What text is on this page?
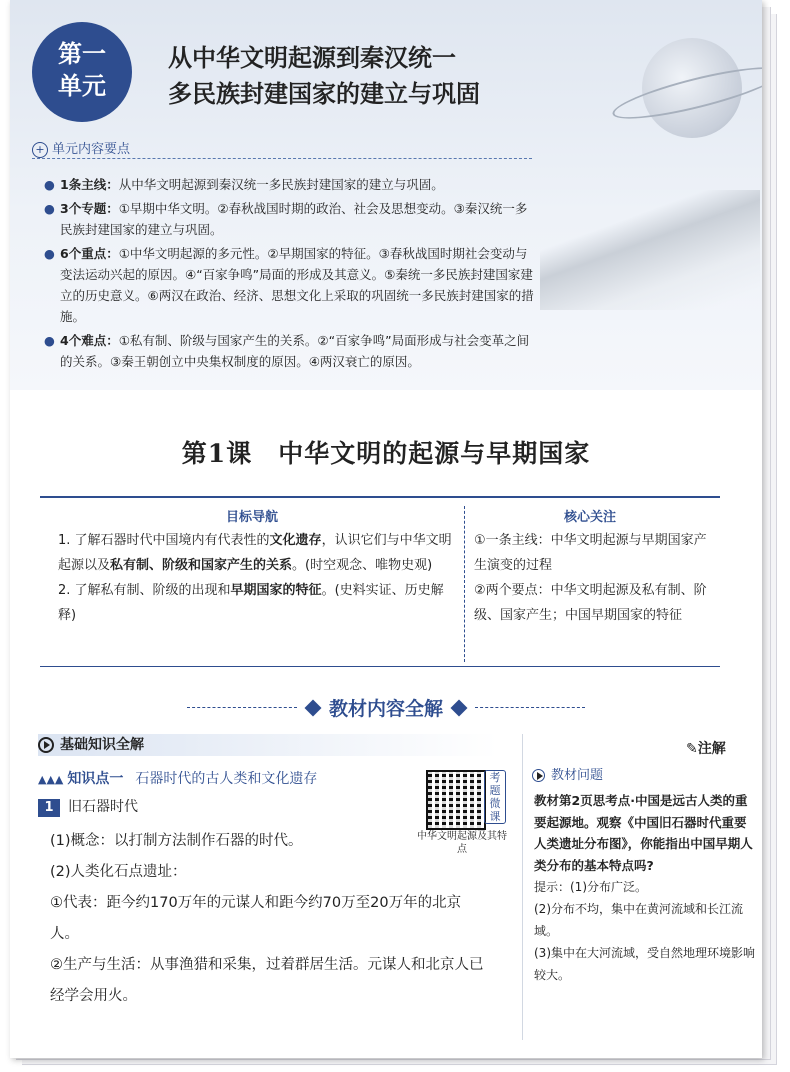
第一
单元
从中华文明起源到秦汉统一
多民族封建国家的建立与巩固
+ 单元内容要点
● 1条主线：从中华文明起源到秦汉统一多民族封建国家的建立与巩固。
● 3个专题：①早期中华文明。②春秋战国时期的政治、社会及思想变动。③秦汉统一多民族封建国家的建立与巩固。
● 6个重点：①中华文明起源的多元性。②早期国家的特征。③春秋战国时期社会变动与变法运动兴起的原因。④“百家争鸣”局面的形成及其意义。⑤秦统一多民族封建国家建立的历史意义。⑥两汉在政治、经济、思想文化上采取的巩固统一多民族封建国家的措施。
● 4个难点：①私有制、阶级与国家产生的关系。②“百家争鸣”局面形成与社会变革之间的关系。③秦王朝创立中央集权制度的原因。④两汉衰亡的原因。
第1课　中华文明的起源与早期国家
目标导航	核心关注
1. 了解石器时代中国境内有代表性的文化遗存，认识它们与中华文明起源以及私有制、阶级和国家产生的关系。(时空观念、唯物史观)
2. 了解私有制、阶级的出现和早期国家的特征。(史料实证、历史解释)
①一条主线：中华文明起源与早期国家产生演变的过程
②两个要点：中华文明起源及私有制、阶级、国家产生；中国早期国家的特征
教材内容全解
基础知识全解
▲▲▲ 知识点一 石器时代的古人类和文化遗存	考题微课
中华文明起源及其特点
1 旧石器时代

(1)概念：以打制方法制作石器的时代。

(2)人类化石点遗址：

①代表：距今约170万年的元谋人和距今约70万至20万年的北京人。

②生产与生活：从事渔猎和采集，过着群居生活。元谋人和北京人已经学会用火。

✎注解
教材问题
教材第2页思考点·中国是远古人类的重要起源地。观察《中国旧石器时代重要人类遗址分布图》，你能指出中国早期人类分布的基本特点吗?
提示：(1)分布广泛。
(2)分布不均，集中在黄河流域和长江流域。
(3)集中在大河流域，受自然地理环境影响较大。
